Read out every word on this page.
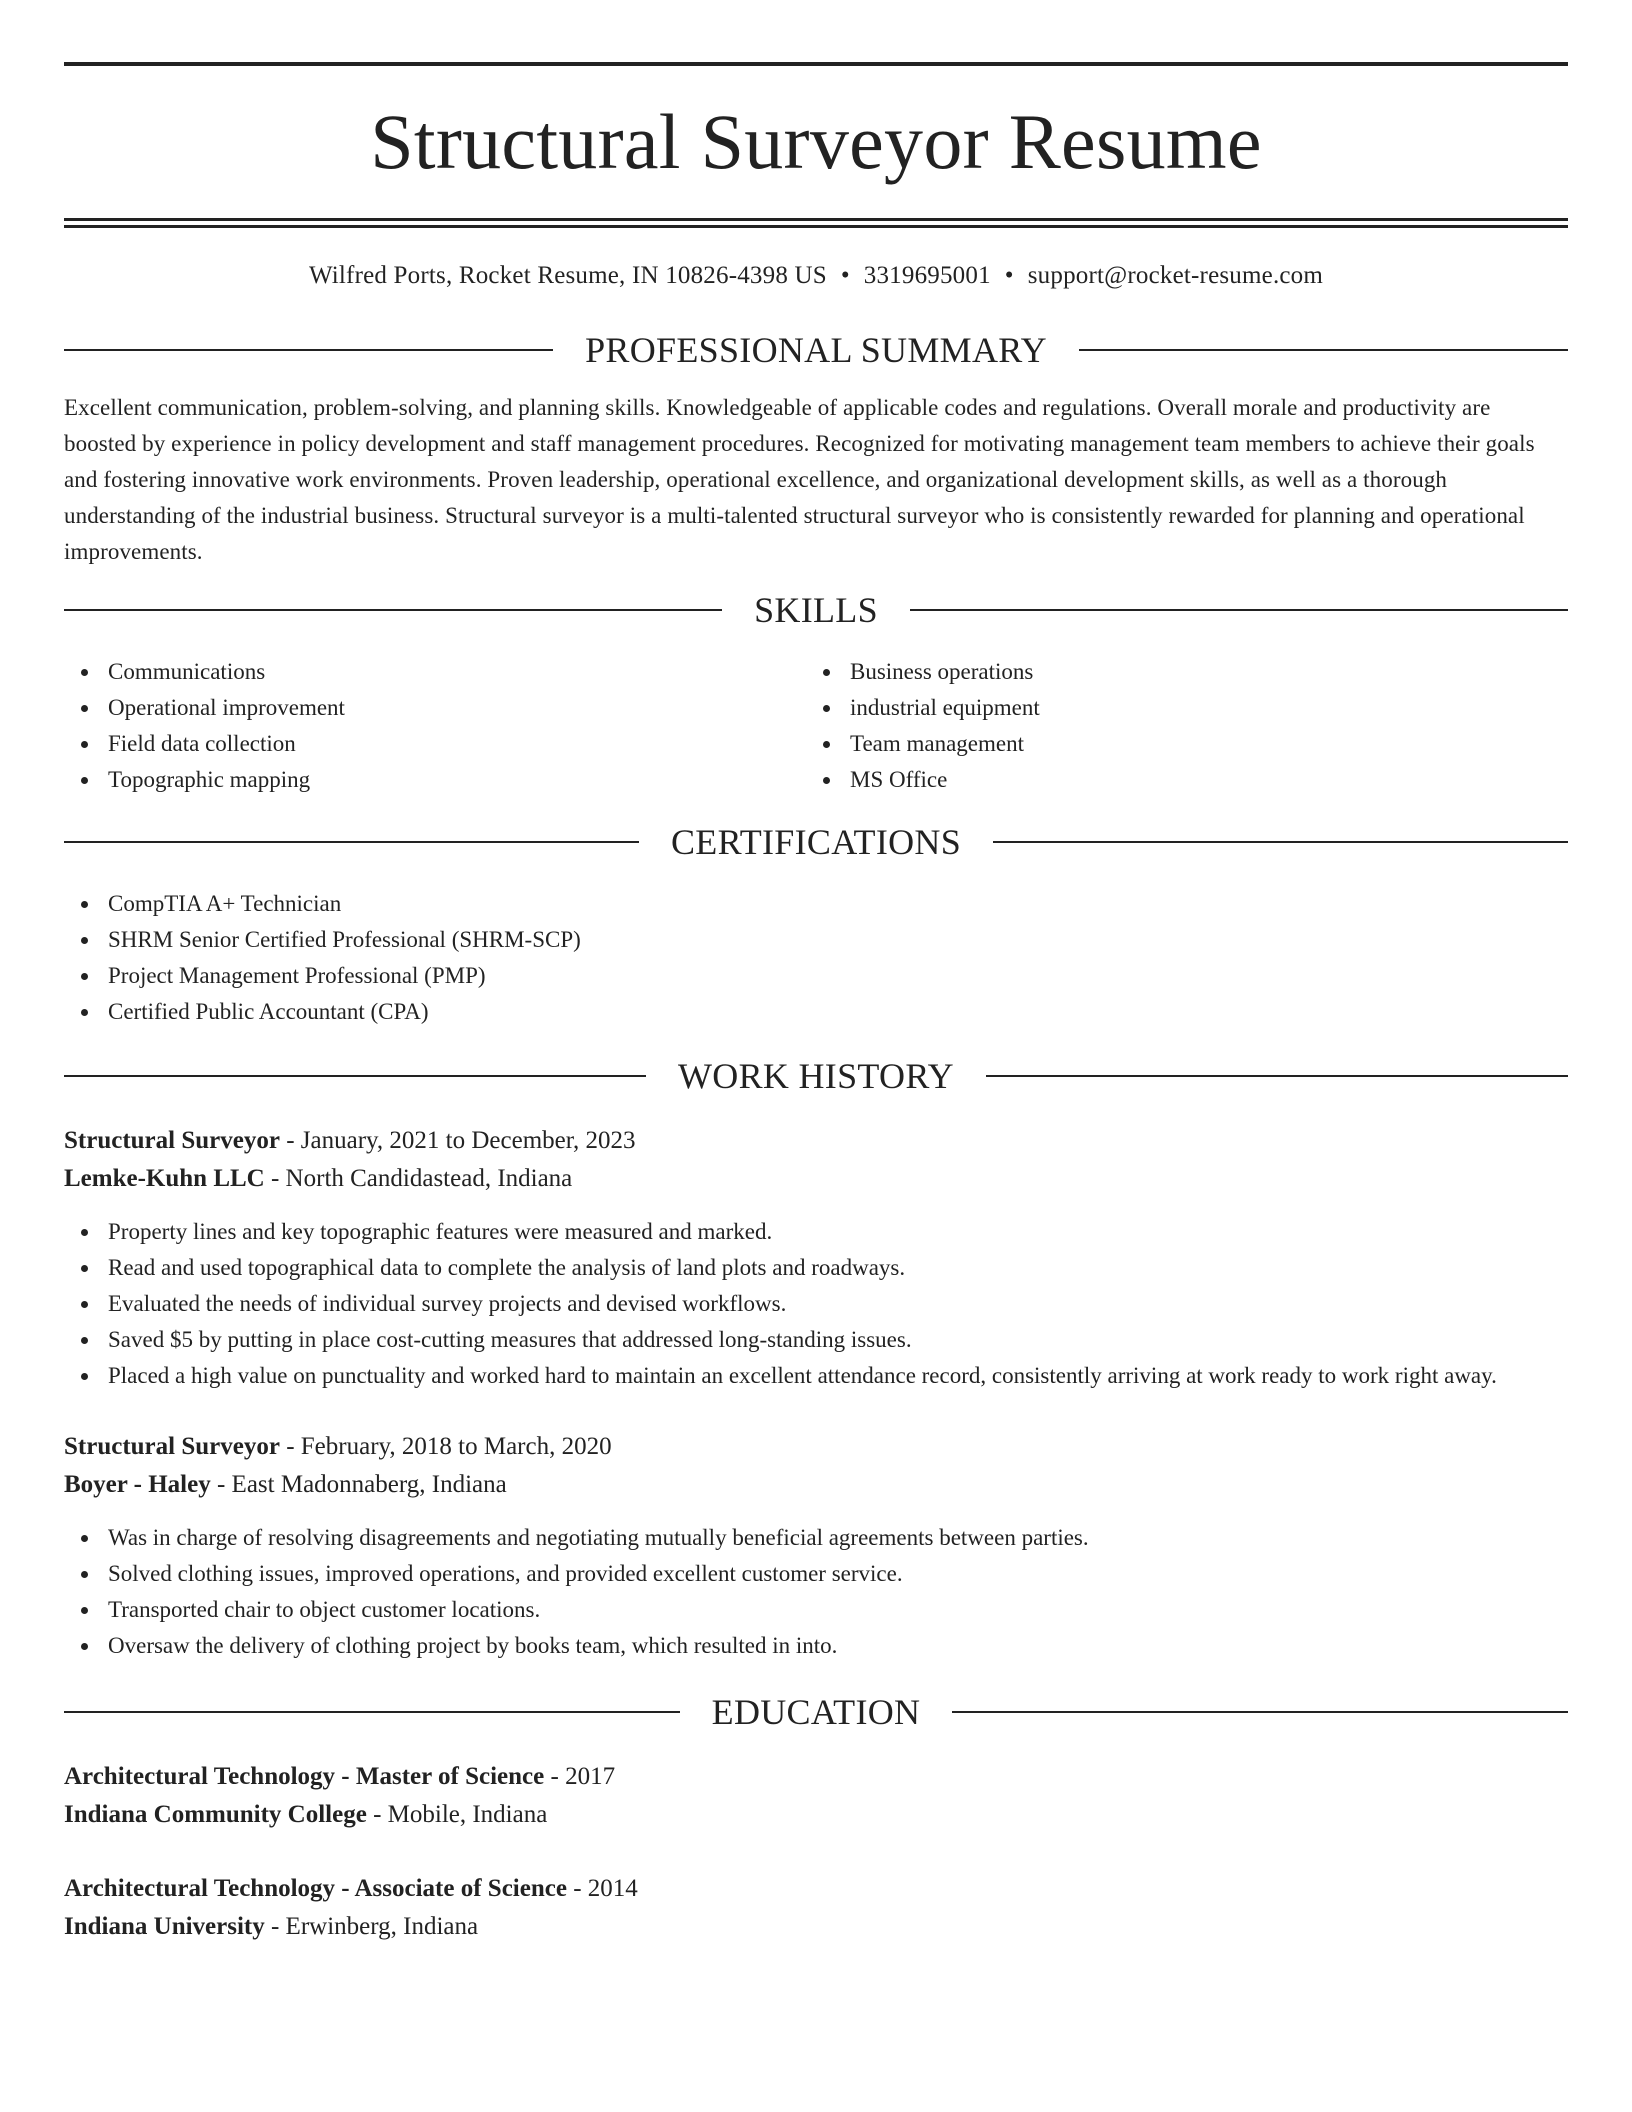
Structural Surveyor Resume
Wilfred Ports, Rocket Resume, IN 10826-4398 US • 3319695001 • support@rocket-resume.com
PROFESSIONAL SUMMARY

Excellent communication, problem-solving, and planning skills. Knowledgeable of applicable codes and regulations. Overall morale and productivity are boosted by experience in policy development and staff management procedures. Recognized for motivating management team members to achieve their goals and fostering innovative work environments. Proven leadership, operational excellence, and organizational development skills, as well as a thorough understanding of the industrial business. Structural surveyor is a multi-talented structural surveyor who is consistently rewarded for planning and operational improvements.

SKILLS
Communications
Operational improvement
Field data collection
Topographic mapping
Business operations
industrial equipment
Team management
MS Office
CERTIFICATIONS
CompTIA A+ Technician
SHRM Senior Certified Professional (SHRM-SCP)
Project Management Professional (PMP)
Certified Public Accountant (CPA)
WORK HISTORY
Structural Surveyor - January, 2021 to December, 2023
Lemke-Kuhn LLC - North Candidastead, Indiana
Property lines and key topographic features were measured and marked.
Read and used topographical data to complete the analysis of land plots and roadways.
Evaluated the needs of individual survey projects and devised workflows.
Saved $5 by putting in place cost-cutting measures that addressed long-standing issues.
Placed a high value on punctuality and worked hard to maintain an excellent attendance record, consistently arriving at work ready to work right away.
Structural Surveyor - February, 2018 to March, 2020
Boyer - Haley - East Madonnaberg, Indiana
Was in charge of resolving disagreements and negotiating mutually beneficial agreements between parties.
Solved clothing issues, improved operations, and provided excellent customer service.
Transported chair to object customer locations.
Oversaw the delivery of clothing project by books team, which resulted in into.
EDUCATION
Architectural Technology - Master of Science - 2017
Indiana Community College - Mobile, Indiana
Architectural Technology - Associate of Science - 2014
Indiana University - Erwinberg, Indiana
